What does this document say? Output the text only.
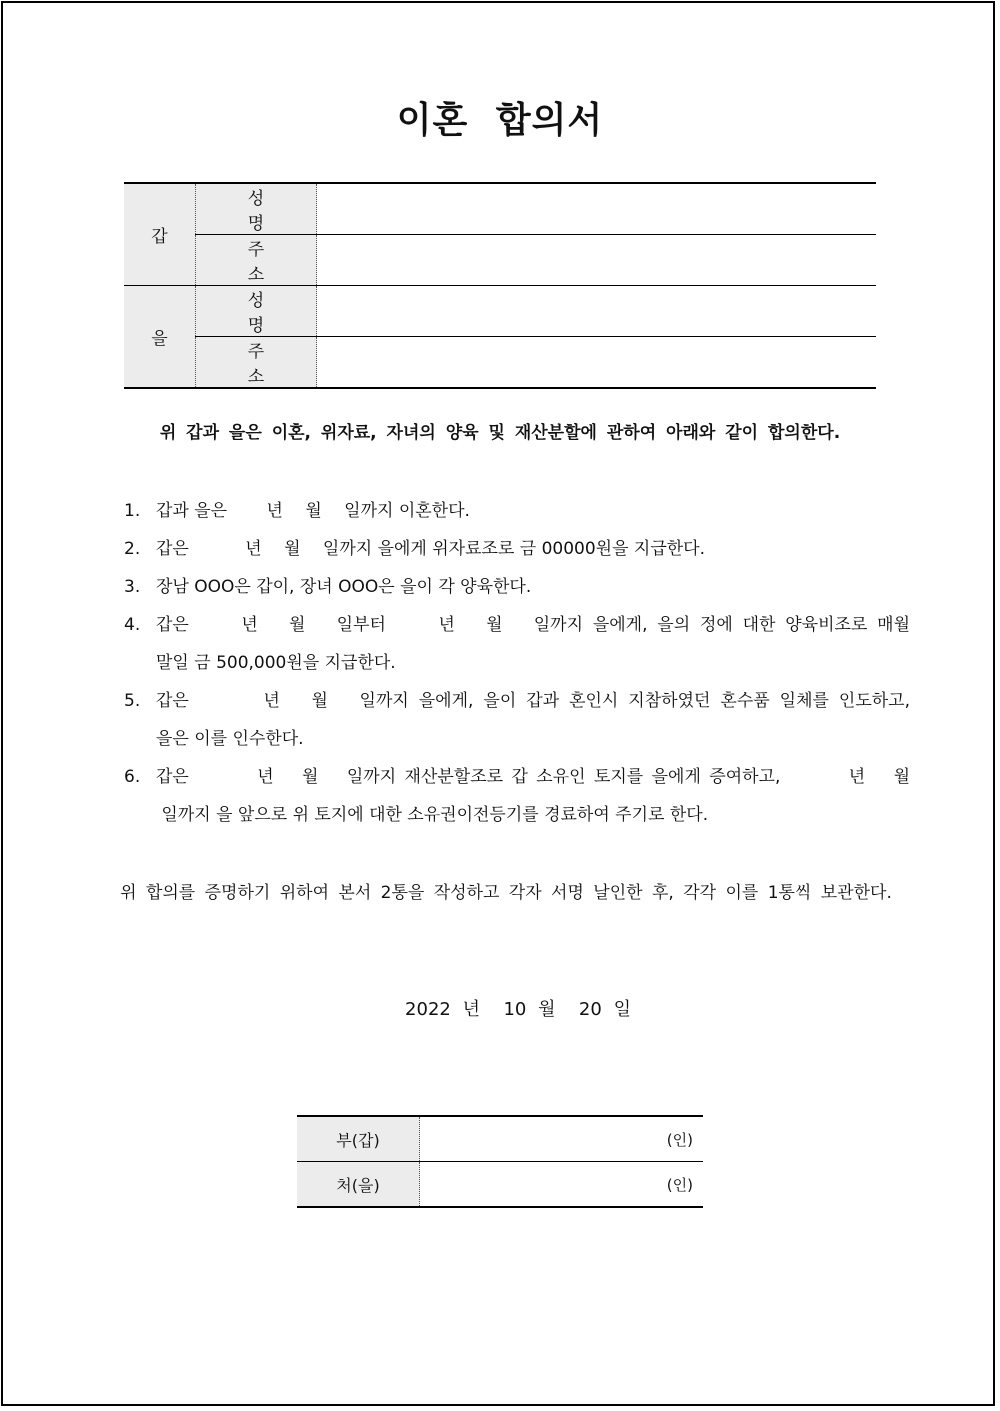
이혼 합의서
갑	성 명	
	주 소	
을	성 명	
	주 소	
위 갑과 을은 이혼, 위자료, 자녀의 양육 및 재산분할에 관하여 아래와 같이 합의한다.
1. 갑과 을은 　　년 　월 　일까지 이혼한다.
2. 갑은 　　　년 　월 　일까지 을에게 위자료조로 금 00000원을 지급한다.
3. 장남 OOO은 갑이, 장녀 OOO은 을이 각 양육한다.
4. 갑은 　　년 　월 　일부터 　　년 　월 　일까지 을에게, 을의 정에 대한 양육비조로 매월
말일 금 500,000원을 지급한다.
5. 갑은 　　　년 　월 　일까지 을에게, 을이 갑과 혼인시 지참하였던 혼수품 일체를 인도하고,
을은 이를 인수한다.
6. 갑은 　　　년 　월 　일까지 재산분할조로 갑 소유인 토지를 을에게 증여하고, 　　　년 　월
일까지 을 앞으로 위 토지에 대한 소유권이전등기를 경료하여 주기로 한다.
위 합의를 증명하기 위하여 본서 2통을 작성하고 각자 서명 날인한 후, 각각 이를 1통씩 보관한다.
2022 년 10 월 20 일
부(갑)	(인)
처(을)	(인)
